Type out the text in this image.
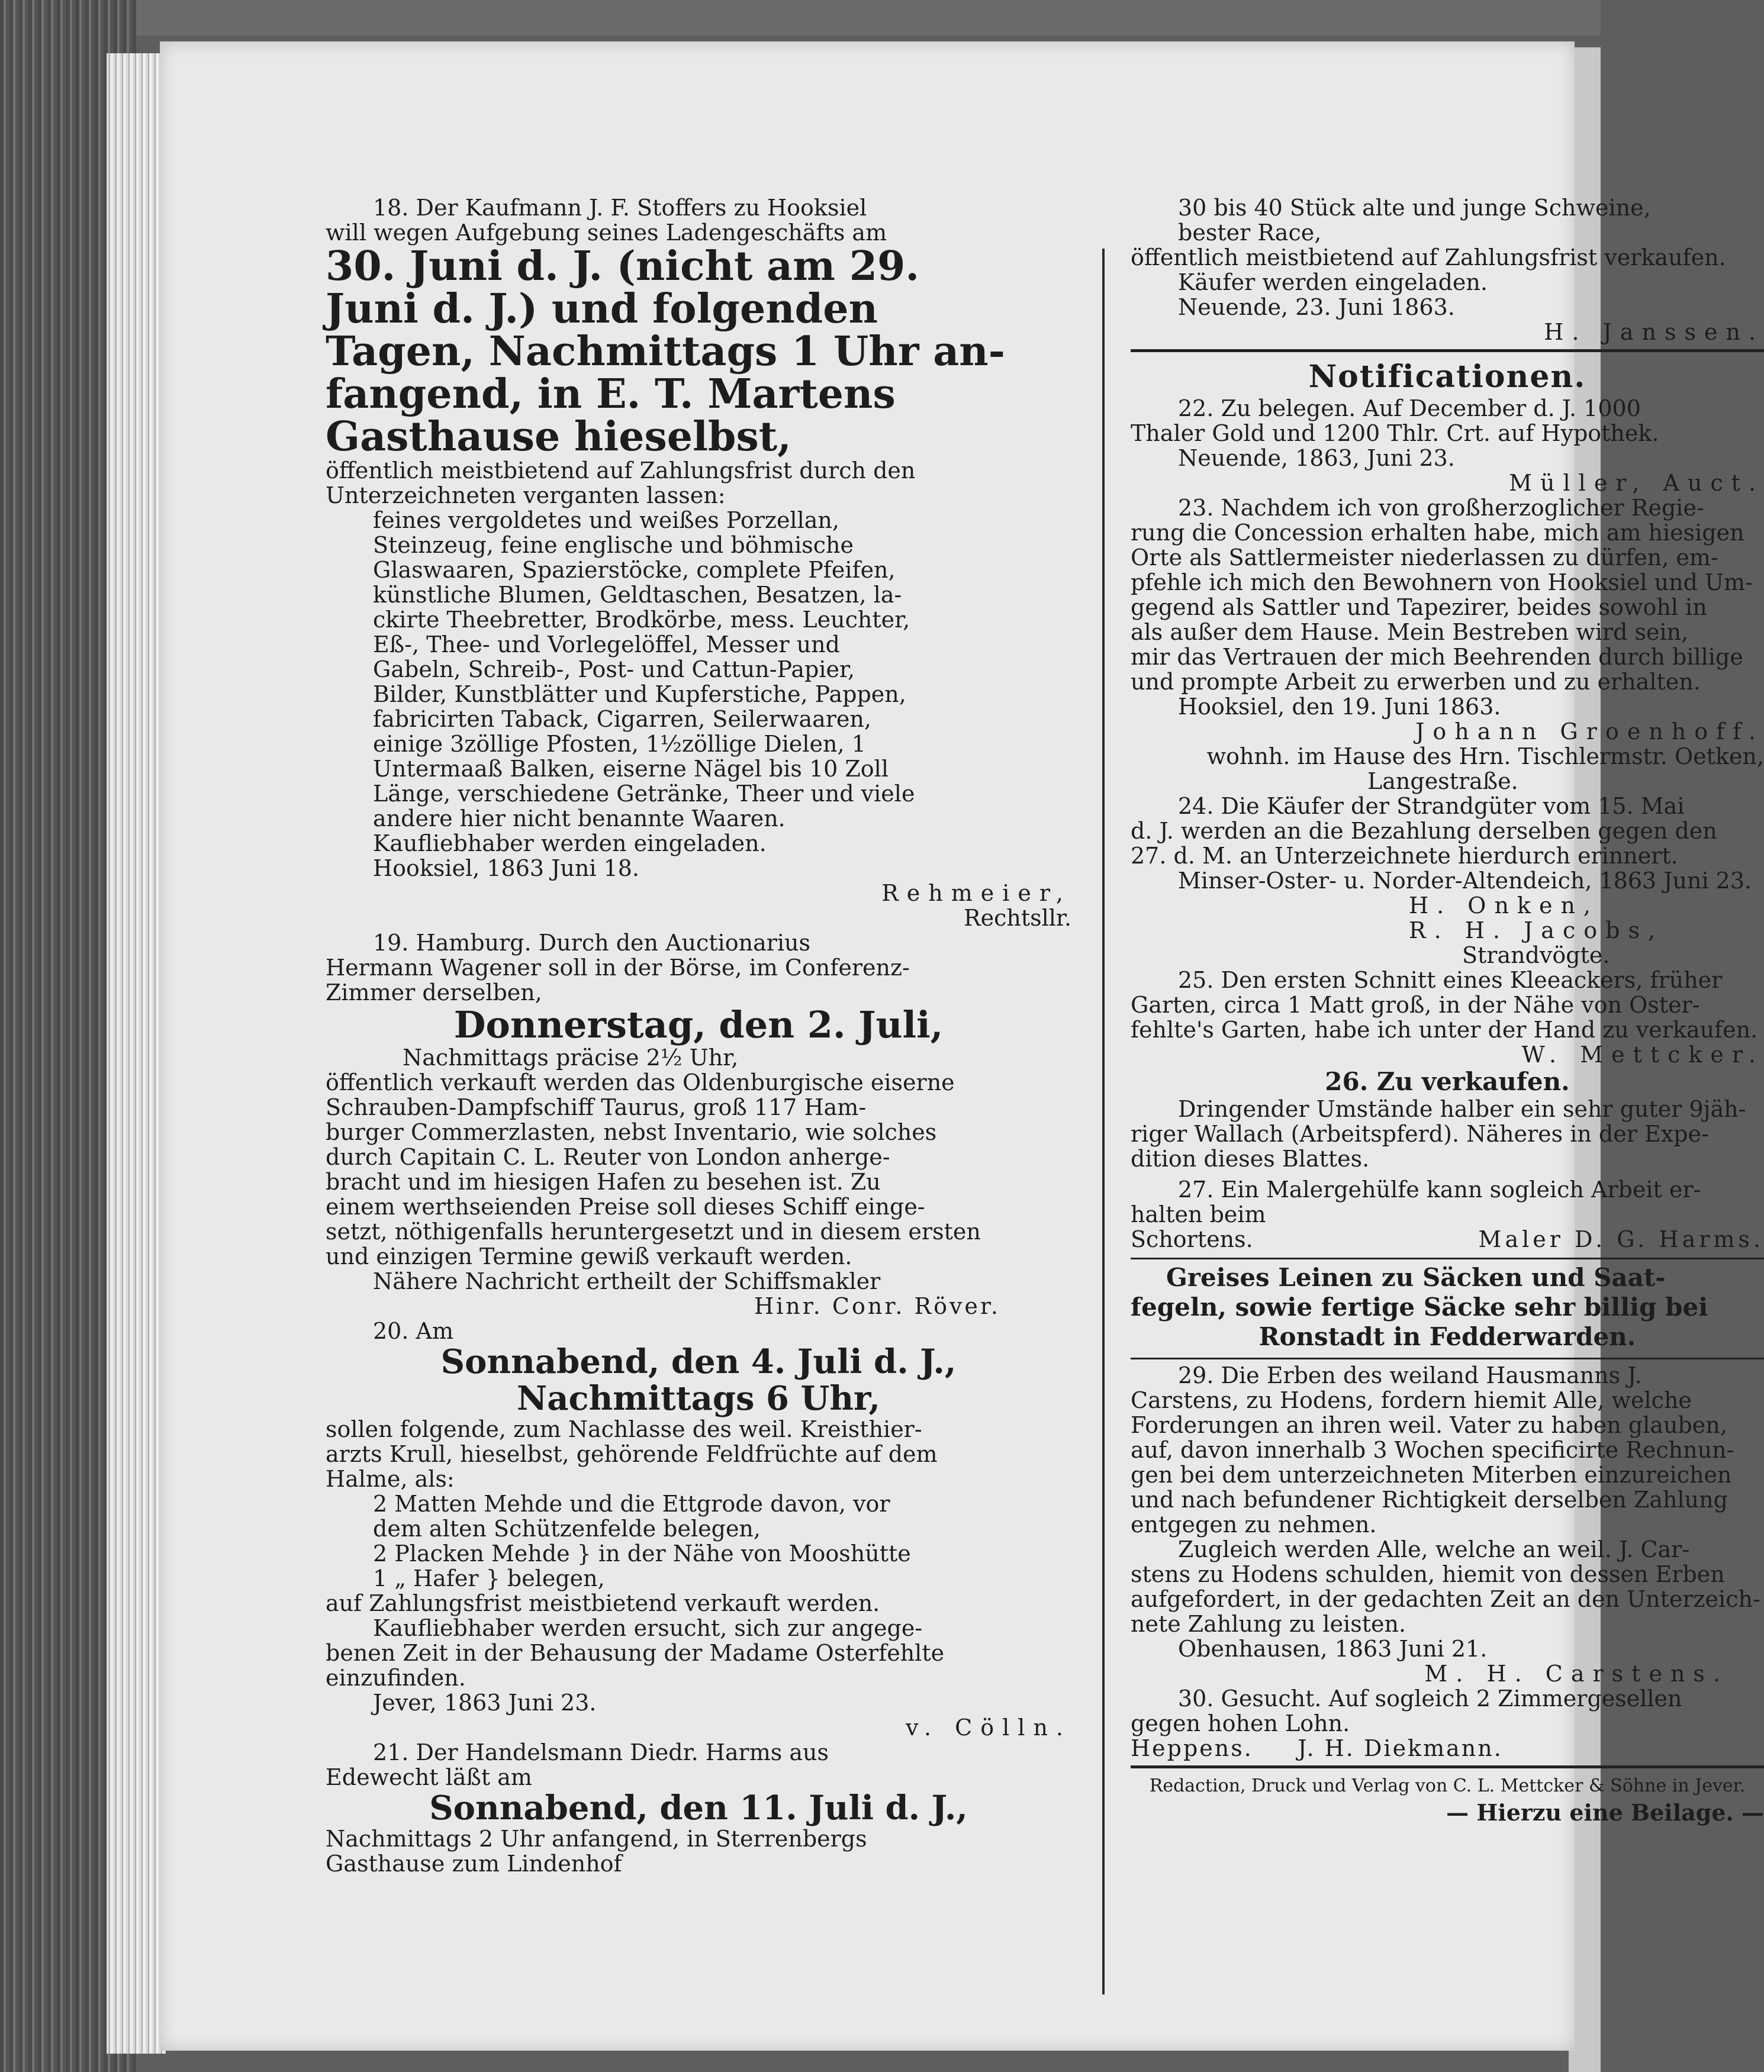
18. Der Kaufmann J. F. Stoffers zu Hooksiel
will wegen Aufgebung seines Ladengeschäfts am
30. Juni d. J. (nicht am 29.
Juni d. J.) und folgenden
Tagen, Nachmittags 1 Uhr an-
fangend, in E. T. Martens
Gasthause hieselbst,
öffentlich meistbietend auf Zahlungsfrist durch den
Unterzeichneten verganten lassen:
feines vergoldetes und weißes Porzellan,
Steinzeug, feine englische und böhmische
Glaswaaren, Spazierstöcke, complete Pfeifen,
künstliche Blumen, Geldtaschen, Besatzen, la-
ckirte Theebretter, Brodkörbe, mess. Leuchter,
Eß-, Thee- und Vorlegelöffel, Messer und
Gabeln, Schreib-, Post- und Cattun-Papier,
Bilder, Kunstblätter und Kupferstiche, Pappen,
fabricirten Taback, Cigarren, Seilerwaaren,
einige 3zöllige Pfosten, 1½zöllige Dielen, 1
Untermaaß Balken, eiserne Nägel bis 10 Zoll
Länge, verschiedene Getränke, Theer und viele
andere hier nicht benannte Waaren.
Kaufliebhaber werden eingeladen.
Hooksiel, 1863 Juni 18.
Rehmeier,
Rechtsllr.
19. Hamburg. Durch den Auctionarius
Hermann Wagener soll in der Börse, im Conferenz-
Zimmer derselben,
Donnerstag, den 2. Juli,
Nachmittags präcise 2½ Uhr,
öffentlich verkauft werden das Oldenburgische eiserne
Schrauben-Dampfschiff Taurus, groß 117 Ham-
burger Commerzlasten, nebst Inventario, wie solches
durch Capitain C. L. Reuter von London anherge-
bracht und im hiesigen Hafen zu besehen ist. Zu
einem werthseienden Preise soll dieses Schiff einge-
setzt, nöthigenfalls heruntergesetzt und in diesem ersten
und einzigen Termine gewiß verkauft werden.
Nähere Nachricht ertheilt der Schiffsmakler
Hinr. Conr. Röver.
20. Am
Sonnabend, den 4. Juli d. J.,
Nachmittags 6 Uhr,
sollen folgende, zum Nachlasse des weil. Kreisthier-
arzts Krull, hieselbst, gehörende Feldfrüchte auf dem
Halme, als:
2 Matten Mehde und die Ettgrode davon, vor
dem alten Schützenfelde belegen,
2 Placken Mehde } in der Nähe von Mooshütte
1 „ Hafer } belegen,
auf Zahlungsfrist meistbietend verkauft werden.
Kaufliebhaber werden ersucht, sich zur angege-
benen Zeit in der Behausung der Madame Osterfehlte
einzufinden.
Jever, 1863 Juni 23.
v. Cölln.
21. Der Handelsmann Diedr. Harms aus
Edewecht läßt am
Sonnabend, den 11. Juli d. J.,
Nachmittags 2 Uhr anfangend, in Sterrenbergs
Gasthause zum Lindenhof
30 bis 40 Stück alte und junge Schweine,
bester Race,
öffentlich meistbietend auf Zahlungsfrist verkaufen.
Käufer werden eingeladen.
Neuende, 23. Juni 1863.
H. Janssen.
Notificationen.
22. Zu belegen. Auf December d. J. 1000
Thaler Gold und 1200 Thlr. Crt. auf Hypothek.
Neuende, 1863, Juni 23.
Müller, Auct.
23. Nachdem ich von großherzoglicher Regie-
rung die Concession erhalten habe, mich am hiesigen
Orte als Sattlermeister niederlassen zu dürfen, em-
pfehle ich mich den Bewohnern von Hooksiel und Um-
gegend als Sattler und Tapezirer, beides sowohl in
als außer dem Hause. Mein Bestreben wird sein,
mir das Vertrauen der mich Beehrenden durch billige
und prompte Arbeit zu erwerben und zu erhalten.
Hooksiel, den 19. Juni 1863.
Johann Groenhoff.
wohnh. im Hause des Hrn. Tischlermstr. Oetken,
Langestraße.
24. Die Käufer der Strandgüter vom 15. Mai
d. J. werden an die Bezahlung derselben gegen den
27. d. M. an Unterzeichnete hierdurch erinnert.
Minser-Oster- u. Norder-Altendeich, 1863 Juni 23.
H. Onken,
R. H. Jacobs,
Strandvögte.
25. Den ersten Schnitt eines Kleeackers, früher
Garten, circa 1 Matt groß, in der Nähe von Oster-
fehlte's Garten, habe ich unter der Hand zu verkaufen.
W. Mettcker.
26. Zu verkaufen.
Dringender Umstände halber ein sehr guter 9jäh-
riger Wallach (Arbeitspferd). Näheres in der Expe-
dition dieses Blattes.
27. Ein Malergehülfe kann sogleich Arbeit er-
halten beim
Schortens.	Maler D. G. Harms.
Greises Leinen zu Säcken und Saat-
fegeln, sowie fertige Säcke sehr billig bei
Ronstadt in Fedderwarden.
29. Die Erben des weiland Hausmanns J.
Carstens, zu Hodens, fordern hiemit Alle, welche
Forderungen an ihren weil. Vater zu haben glauben,
auf, davon innerhalb 3 Wochen specificirte Rechnun-
gen bei dem unterzeichneten Miterben einzureichen
und nach befundener Richtigkeit derselben Zahlung
entgegen zu nehmen.
Zugleich werden Alle, welche an weil. J. Car-
stens zu Hodens schulden, hiemit von dessen Erben
aufgefordert, in der gedachten Zeit an den Unterzeich-
nete Zahlung zu leisten.
Obenhausen, 1863 Juni 21.
M. H. Carstens.
30. Gesucht. Auf sogleich 2 Zimmergesellen
gegen hohen Lohn.
Heppens.     J. H. Diekmann.
Redaction, Druck und Verlag von C. L. Mettcker & Söhne in Jever.
— Hierzu eine Beilage. —
